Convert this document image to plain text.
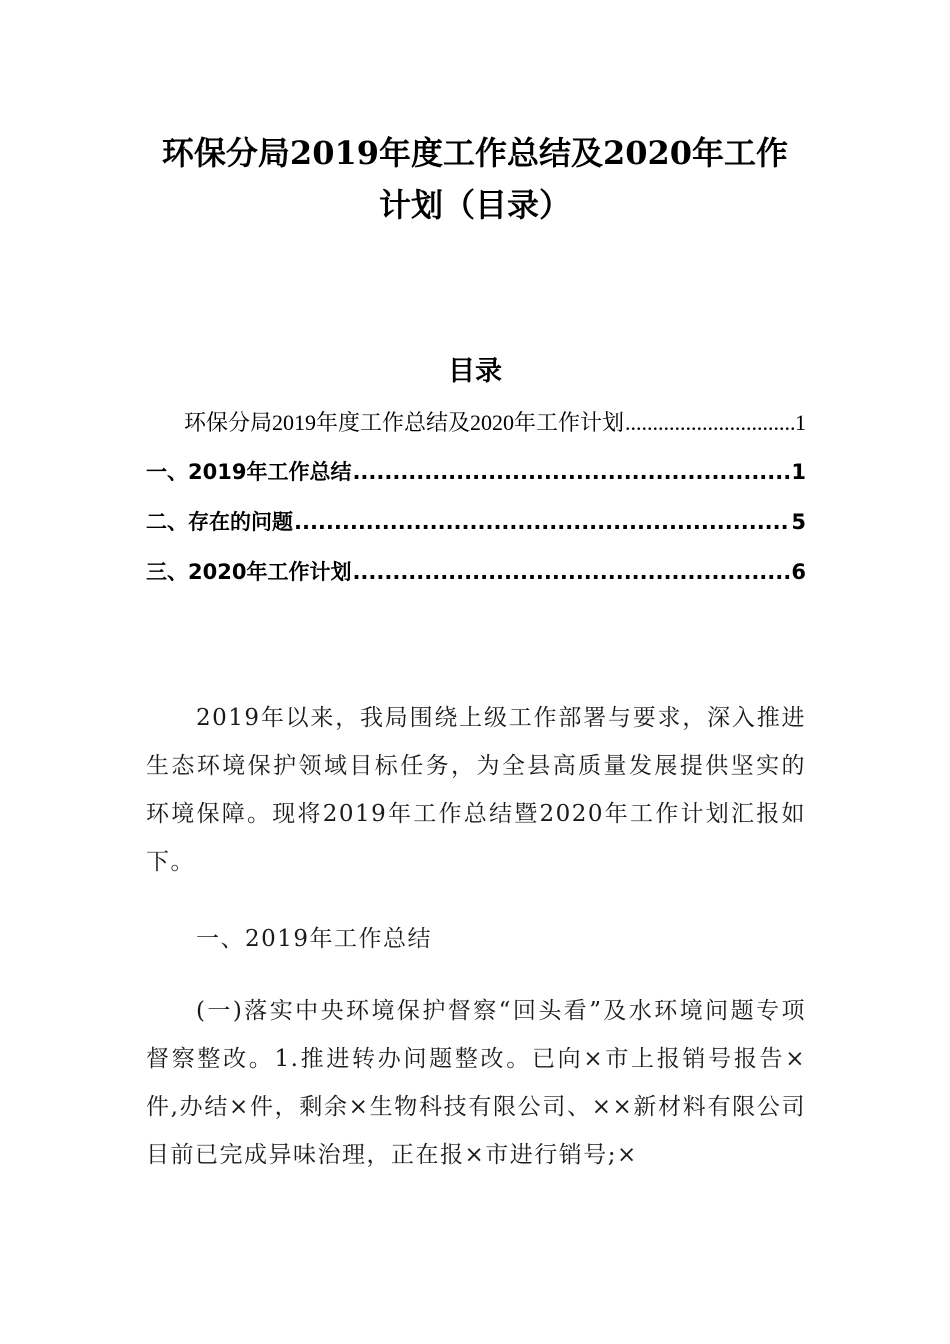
环保分局2019年度工作总结及2020年工作
计划（目录）
目录
环保分局2019年度工作总结及2020年工作计划 .....	1
一、2019年工作总结 .....	1
二、存在的问题 .....	5
三、2020年工作计划 .....	6

2019年以来，我局围绕上级工作部署与要求，深入推进生态环境保护领域目标任务，为全县高质量发展提供坚实的环境保障。现将2019年工作总结暨2020年工作计划汇报如下。

一、2019年工作总结

(一)落实中央环境保护督察“回头看”及水环境问题专项督察整改。1.推进转办问题整改。已向×市上报销号报告×件,办结×件，剩余×生物科技有限公司、××新材料有限公司目前已完成异味治理，正在报×市进行销号;×
